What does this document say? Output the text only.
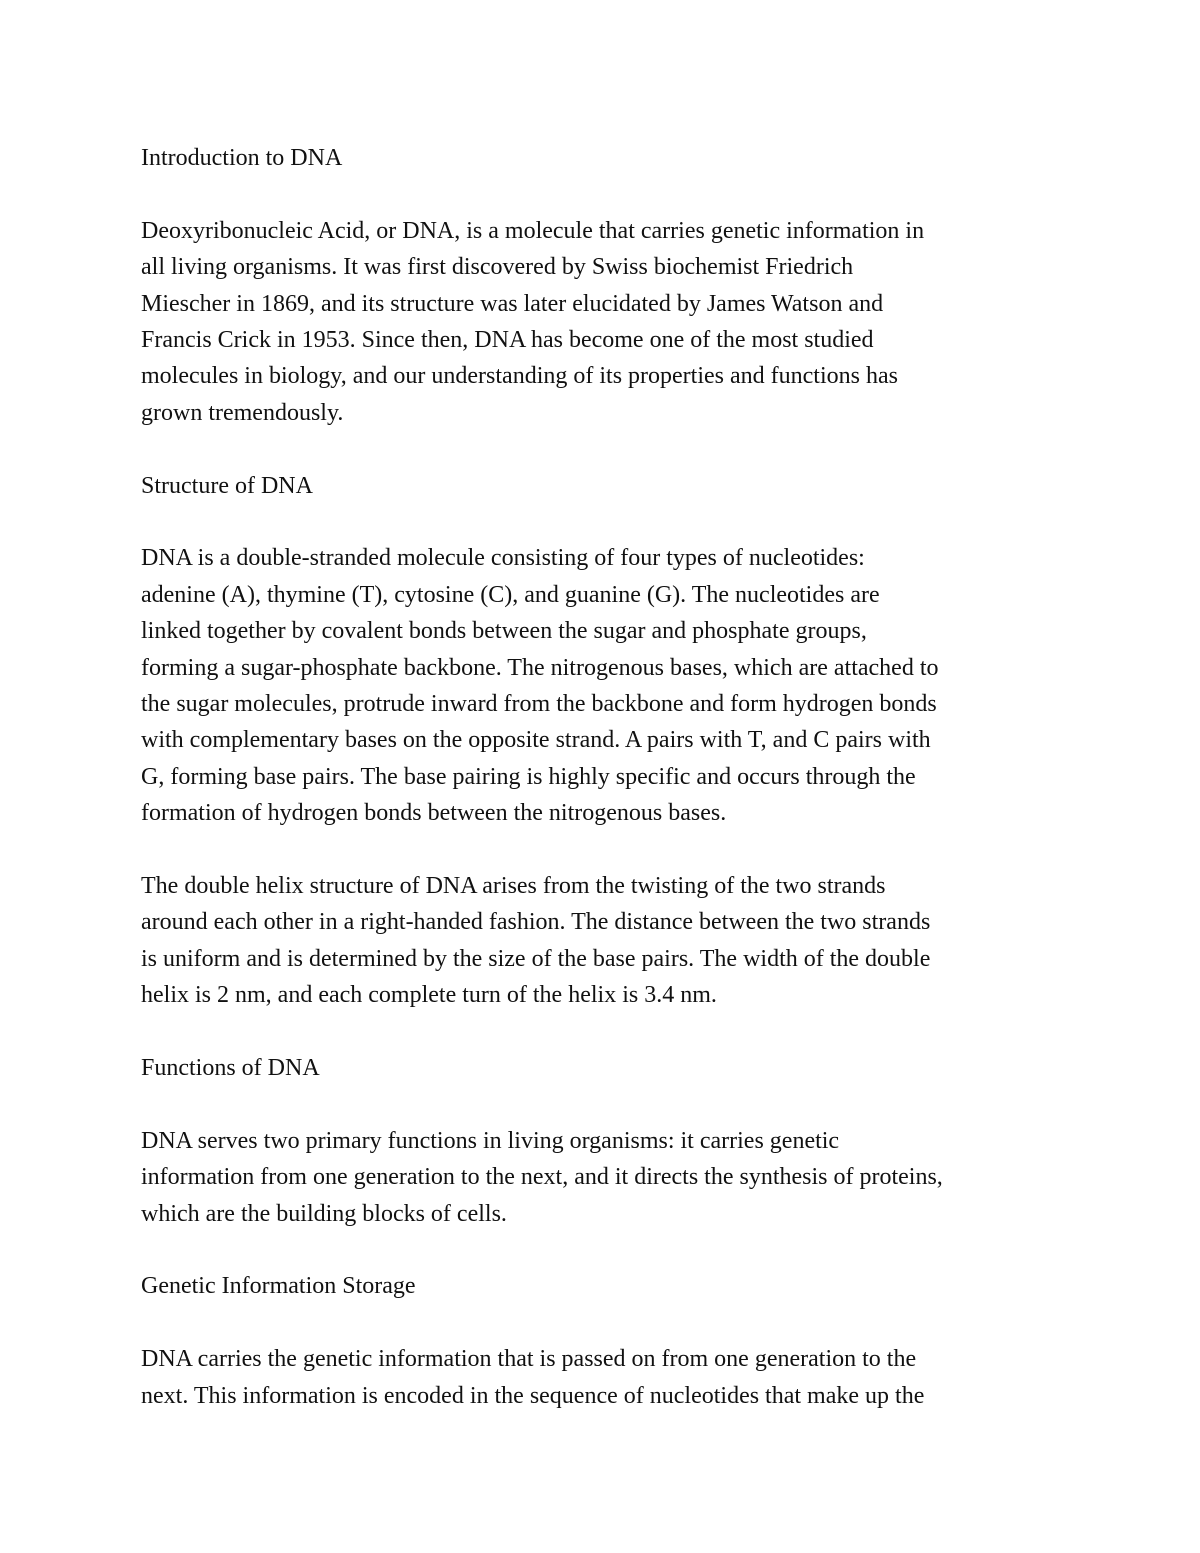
Introduction to DNA
Deoxyribonucleic Acid, or DNA, is a molecule that carries genetic information in
all living organisms. It was first discovered by Swiss biochemist Friedrich
Miescher in 1869, and its structure was later elucidated by James Watson and
Francis Crick in 1953. Since then, DNA has become one of the most studied
molecules in biology, and our understanding of its properties and functions has
grown tremendously.
Structure of DNA
DNA is a double-stranded molecule consisting of four types of nucleotides:
adenine (A), thymine (T), cytosine (C), and guanine (G). The nucleotides are
linked together by covalent bonds between the sugar and phosphate groups,
forming a sugar-phosphate backbone. The nitrogenous bases, which are attached to
the sugar molecules, protrude inward from the backbone and form hydrogen bonds
with complementary bases on the opposite strand. A pairs with T, and C pairs with
G, forming base pairs. The base pairing is highly specific and occurs through the
formation of hydrogen bonds between the nitrogenous bases.
The double helix structure of DNA arises from the twisting of the two strands
around each other in a right-handed fashion. The distance between the two strands
is uniform and is determined by the size of the base pairs. The width of the double
helix is 2 nm, and each complete turn of the helix is 3.4 nm.
Functions of DNA
DNA serves two primary functions in living organisms: it carries genetic
information from one generation to the next, and it directs the synthesis of proteins,
which are the building blocks of cells.
Genetic Information Storage
DNA carries the genetic information that is passed on from one generation to the
next. This information is encoded in the sequence of nucleotides that make up the
